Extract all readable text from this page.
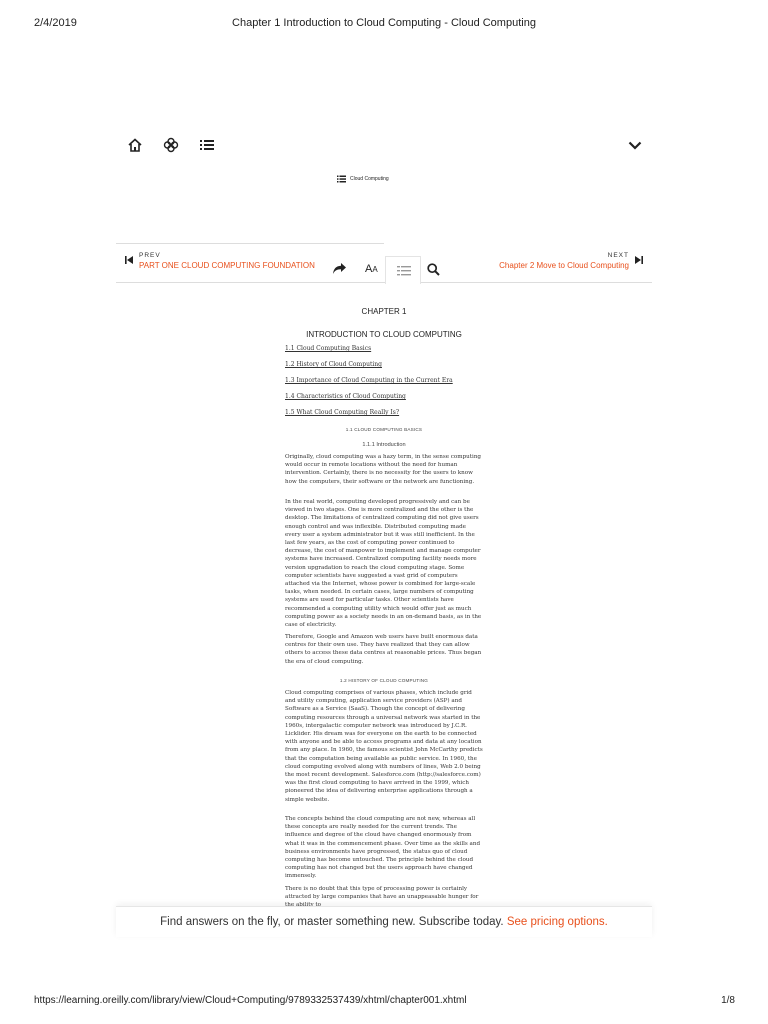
2/4/2019	Chapter 1 Introduction to Cloud Computing - Cloud Computing
Cloud Computing
PREV
PART ONE CLOUD COMPUTING FOUNDATION	AA
NEXT
Chapter 2 Move to Cloud Computing
CHAPTER 1
INTRODUCTION TO CLOUD COMPUTING
1.1 Cloud Computing Basics
1.2 History of Cloud Computing
1.3 Importance of Cloud Computing in the Current Era
1.4 Characteristics of Cloud Computing
1.5 What Cloud Computing Really Is?
1.1 CLOUD COMPUTING BASICS
1.1.1 Introduction

Originally, cloud computing was a hazy term, in the sense computing would occur in remote locations without the need for human intervention. Certainly, there is no necessity for the users to know how the computers, their software or the network are functioning.

In the real world, computing developed progressively and can be viewed in two stages. One is more centralized and the other is the desktop. The limitations of centralized computing did not give users enough control and was inflexible. Distributed computing made every user a system administrator but it was still inefficient. In the last few years, as the cost of computing power continued to decrease, the cost of manpower to implement and manage computer systems have increased. Centralized computing facility needs more version upgradation to reach the cloud computing stage. Some computer scientists have suggested a vast grid of computers attached via the Internet, whose power is combined for large-scale tasks, when needed. In certain cases, large numbers of computing systems are used for particular tasks. Other scientists have recommended a computing utility which would offer just as much computing power as a society needs in an on-demand basis, as in the case of electricity.

Therefore, Google and Amazon web users have built enormous data centres for their own use. They have realized that they can allow others to access these data centres at reasonable prices. Thus began the era of cloud computing.

1.2 HISTORY OF CLOUD COMPUTING

Cloud computing comprises of various phases, which include grid and utility computing, application service providers (ASP) and Software as a Service (SaaS). Though the concept of delivering computing resources through a universal network was started in the 1960s, intergalactic computer network was introduced by J.C.R. Licklider. His dream was for everyone on the earth to be connected with anyone and be able to access programs and data at any location from any place. In 1960, the famous scientist John McCarthy predicts that the computation being available as public service. In 1960, the cloud computing evolved along with numbers of lines, Web 2.0 being the most recent development. Salesforce.com (http://salesforce.com) was the first cloud computing to have arrived in the 1999, which pioneered the idea of delivering enterprise applications through a simple website.

The concepts behind the cloud computing are not new, whereas all these concepts are really needed for the current trends. The influence and degree of the cloud have changed enormously from what it was in the commencement phase. Over time as the skills and business environments have progressed, the status quo of cloud computing has become untouched. The principle behind the cloud computing has not changed but the users approach have changed immensely.

There is no doubt that this type of processing power is certainly attracted by large companies that have an unappeasable hunger for

Find answers on the fly, or master something new. Subscribe today. See pricing options.
https://learning.oreilly.com/library/view/Cloud+Computing/9789332537439/xhtml/chapter001.xhtml	1/8
